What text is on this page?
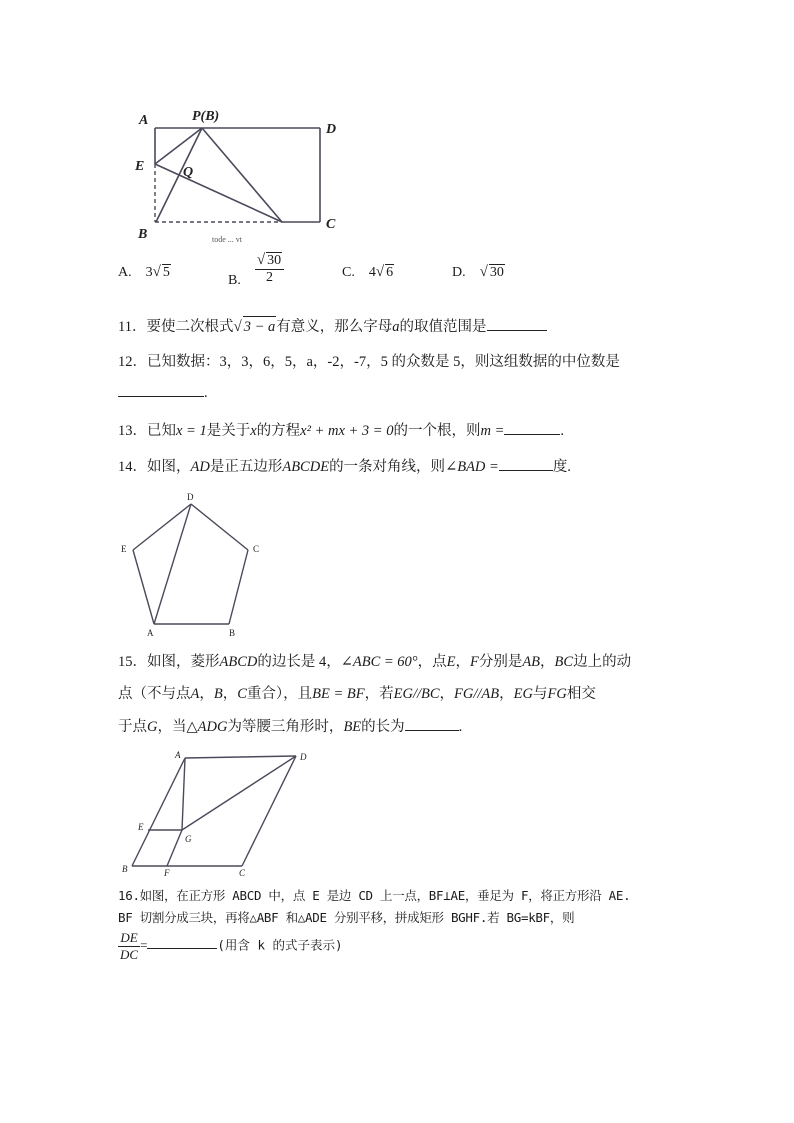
A	P(B)
D
E	Q
B
C
tode ... vt
A. 3√ 5
B. $\frac{√ 30}{2}$	C. 4√ 6	D. √ 30
11．要使二次根式√ 3 − a有意义，那么字母a的取值范围是
12．已知数据：3，3，6，5，a，-2，-7，5 的众数是 5，则这组数据的中位数是
.
13．已知x = 1是关于x的方程x² + mx + 3 = 0的一个根，则m =	.
14．如图，AD是正五边形ABCDE的一条对角线，则∠BAD =	度.
D
E	C
A	B
15．如图，菱形ABCD的边长是 4，∠ABC = 60°，点E，F分别是AB，BC边上的动
点（不与点A，B，C重合），且BE = BF，若EG//BC，FG//AB，EG与FG相交
于点G，当△ADG为等腰三角形时，BE的长为	.
A	D
E
G
B	F	C
16.如图，在正方形 ABCD 中，点 E 是边 CD 上一点，BF⊥AE，垂足为 F，将正方形沿 AE.
BF 切割分成三块，再将△ABF 和△ADE 分别平移，拼成矩形 BGHF.若 BG=kBF，则
$\frac{DE}{DC}$ =	(用含 k 的式子表示)
